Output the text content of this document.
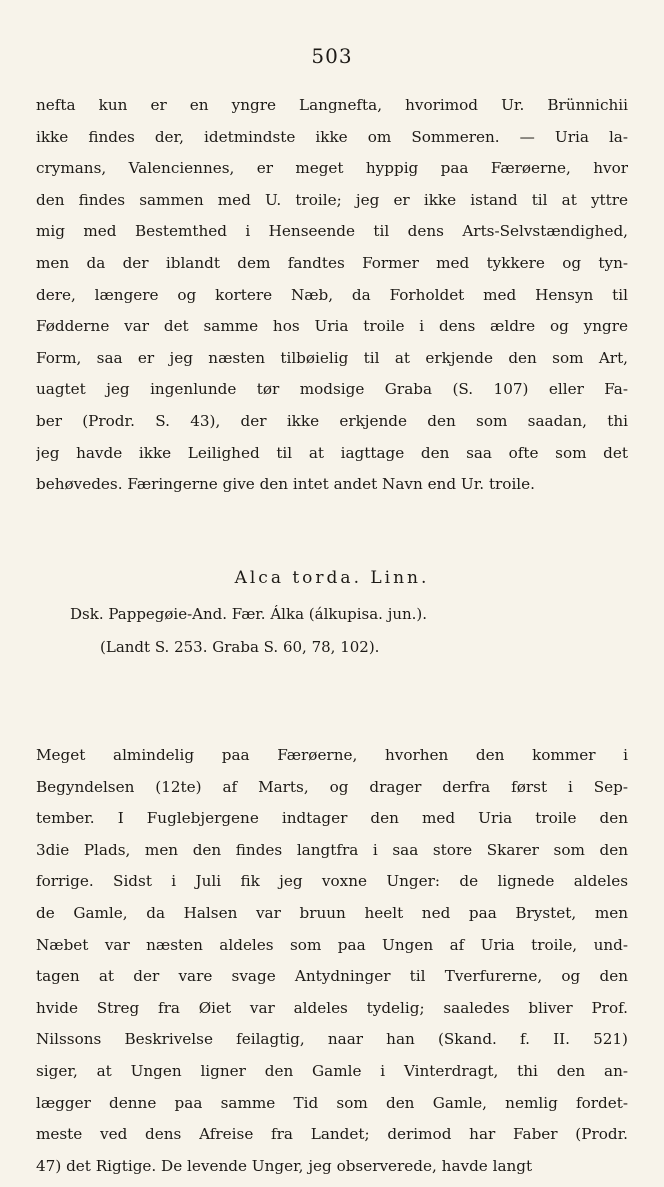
503
nefta kun er en yngre Langnefta, hvorimod Ur. Brünnichii
ikke findes der, idetmindste ikke om Sommeren. — Uria la-
crymans, Valenciennes, er meget hyppig paa Færøerne, hvor
den findes sammen med U. troile; jeg er ikke istand til at yttre
mig med Bestemthed i Henseende til dens Arts-Selvstændighed,
men da der iblandt dem fandtes Former med tykkere og tyn-
dere, længere og kortere Næb, da Forholdet med Hensyn til
Fødderne var det samme hos Uria troile i dens ældre og yngre
Form, saa er jeg næsten tilbøielig til at erkjende den som Art,
uagtet jeg ingenlunde tør modsige Graba (S. 107) eller Fa-
ber (Prodr. S. 43), der ikke erkjende den som saadan, thi
jeg havde ikke Leilighed til at iagttage den saa ofte som det
behøvedes. Færingerne give den intet andet Navn end Ur. troile.
Alca torda. Linn.
Dsk. Pappegøie-And. Fær. Álka (álkupisa. jun.).
(Landt S. 253. Graba S. 60, 78, 102).
Meget almindelig paa Færøerne, hvorhen den kommer i
Begyndelsen (12te) af Marts, og drager derfra først i Sep-
tember. I Fuglebjergene indtager den med Uria troile den
3die Plads, men den findes langtfra i saa store Skarer som den
forrige. Sidst i Juli fik jeg voxne Unger: de lignede aldeles
de Gamle, da Halsen var bruun heelt ned paa Brystet, men
Næbet var næsten aldeles som paa Ungen af Uria troile, und-
tagen at der vare svage Antydninger til Tverfurerne, og den
hvide Streg fra Øiet var aldeles tydelig; saaledes bliver Prof.
Nilssons Beskrivelse feilagtig, naar han (Skand. f. II. 521)
siger, at Ungen ligner den Gamle i Vinterdragt, thi den an-
lægger denne paa samme Tid som den Gamle, nemlig fordet-
meste ved dens Afreise fra Landet; derimod har Faber (Prodr.
47) det Rigtige. De levende Unger, jeg observerede, havde langt
